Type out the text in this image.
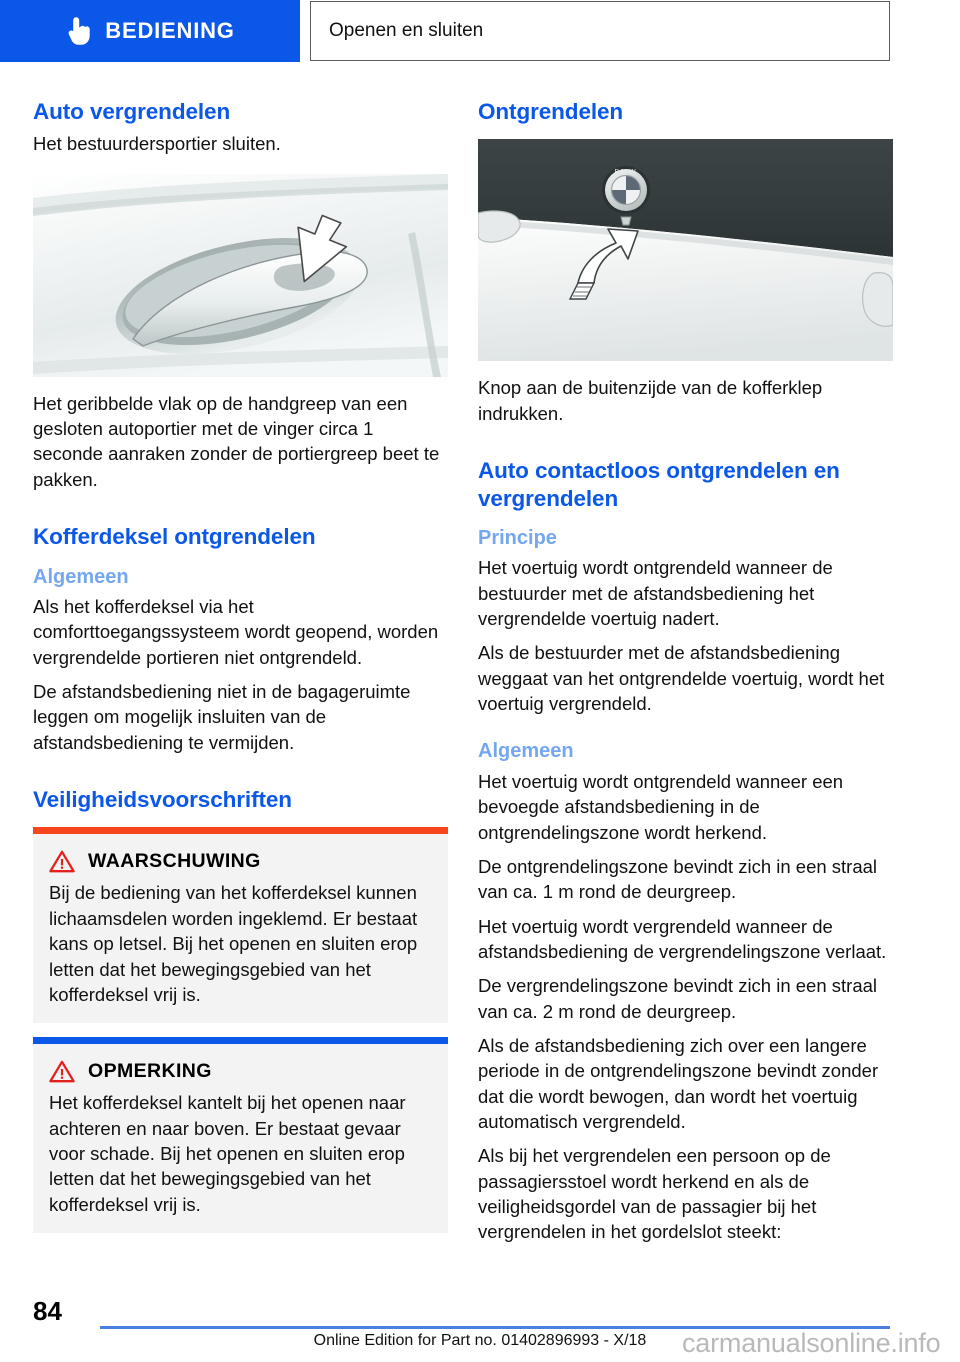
BEDIENING	Openen en sluiten
Auto vergrendelen

Het bestuurdersportier sluiten.

Het geribbelde vlak op de handgreep van een gesloten autoportier met de vinger circa 1 seconde aanraken zonder de portiergreep beet te pakken.

Kofferdeksel ontgrendelen
Algemeen

Als het kofferdeksel via het comforttoegangssysteem wordt geopend, worden vergrendelde portieren niet ontgrendeld.

De afstandsbediening niet in de bagageruimte leggen om mogelijk insluiten van de afstandsbediening te vermijden.

Veiligheidsvoorschriften
WAARSCHUWING

Bij de bediening van het kofferdeksel kunnen lichaamsdelen worden ingeklemd. Er bestaat kans op letsel. Bij het openen en sluiten erop letten dat het bewegingsgebied van het kofferdeksel vrij is.

OPMERKING

Het kofferdeksel kantelt bij het openen naar achteren en naar boven. Er bestaat gevaar voor schade. Bij het openen en sluiten erop letten dat het bewegingsgebied van het kofferdeksel vrij is.

Ontgrendelen
BMW

Knop aan de buitenzijde van de kofferklep indrukken.

Auto contactloos ontgrendelen en vergrendelen
Principe

Het voertuig wordt ontgrendeld wanneer de bestuurder met de afstandsbediening het vergrendelde voertuig nadert.

Als de bestuurder met de afstandsbediening weggaat van het ontgrendelde voertuig, wordt het voertuig vergrendeld.

Algemeen

Het voertuig wordt ontgrendeld wanneer een bevoegde afstandsbediening in de ontgrendelingszone wordt herkend.

De ontgrendelingszone bevindt zich in een straal van ca. 1 m rond de deurgreep.

Het voertuig wordt vergrendeld wanneer de afstandsbediening de vergrendelingszone verlaat.

De vergrendelingszone bevindt zich in een straal van ca. 2 m rond de deurgreep.

Als de afstandsbediening zich over een langere periode in de ontgrendelingszone bevindt zonder dat die wordt bewogen, dan wordt het voertuig automatisch vergrendeld.

Als bij het vergrendelen een persoon op de passagiersstoel wordt herkend en als de veiligheidsgordel van de passagier bij het vergrendelen in het gordelslot steekt:

84
Online Edition for Part no. 01402896993 - X/18	carmanualsonline.info
